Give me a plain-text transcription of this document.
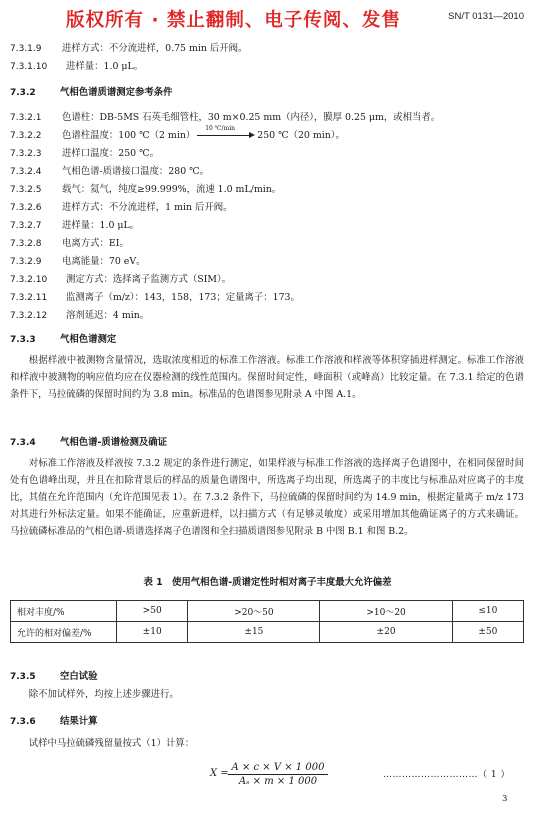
版权所有 · 禁止翻制、电子传阅、发售	SN/T 0131—2010
7.3.1.9 进样方式：不分流进样，0.75 min 后开阀。
7.3.1.10 进样量：1.0 μL。
7.3.2	气相色谱质谱测定参考条件
7.3.2.1 色谱柱：DB-5MS 石英毛细管柱，30 m×0.25 mm（内径），膜厚 0.25 μm，或相当者。
7.3.2.2 色谱柱温度：100 ℃（2 min）
10 ℃/min
250 ℃（20 min）。
7.3.2.3 进样口温度：250 ℃。
7.3.2.4 气相色谱-质谱接口温度：280 ℃。
7.3.2.5 载气：氦气，纯度≥99.999%，流速 1.0 mL/min。
7.3.2.6 进样方式：不分流进样，1 min 后开阀。
7.3.2.7 进样量：1.0 μL。
7.3.2.8 电离方式：EI。
7.3.2.9 电离能量：70 eV。
7.3.2.10 测定方式：选择离子监测方式（SIM）。
7.3.2.11 监测离子（m/z）：143，158，173；定量离子：173。
7.3.2.12 溶剂延迟：4 min。
7.3.3	气相色谱测定

根据样液中被测物含量情况，选取浓度相近的标准工作溶液。标准工作溶液和样液等体积穿插进样测定。标准工作溶液和样液中被测物的响应值均应在仪器检测的线性范围内。保留时间定性，峰面积（或峰高）比较定量。在 7.3.1 给定的色谱条件下，马拉硫磷的保留时间约为 3.8 min。标准品的色谱图参见附录 A 中图 A.1。

7.3.4	气相色谱-质谱检测及确证

对标准工作溶液及样液按 7.3.2 规定的条件进行测定，如果样液与标准工作溶液的选择离子色谱图中，在相同保留时间处有色谱峰出现，并且在扣除背景后的样品的质量色谱图中，所选离子均出现，所选离子的丰度比与标准品对应离子的丰度比，其值在允许范围内（允许范围见表 1）。在 7.3.2 条件下，马拉硫磷的保留时间约为 14.9 min，根据定量离子 m/z 173 对其进行外标法定量。如果不能确证，应重新进样，以扫描方式（有足够灵敏度）或采用增加其他确证离子的方式来确证。马拉硫磷标准品的气相色谱-质谱选择离子色谱图和全扫描质谱图参见附录 B 中图 B.1 和图 B.2。

表 1　使用气相色谱-质谱定性时相对离子丰度最大允许偏差
相对丰度/%	>50	>20～50	>10～20	≤10
允许的相对偏差/%	±10	±15	±20	±50
7.3.5	空白试验

除不加试样外，均按上述步骤进行。

7.3.6	结果计算

试样中马拉硫磷残留量按式（1）计算：

$X = \frac{A \times c \times V \times 1 000}{\text{Aₛ × m × 1 000}}$	…………………………（ 1 ）
3
